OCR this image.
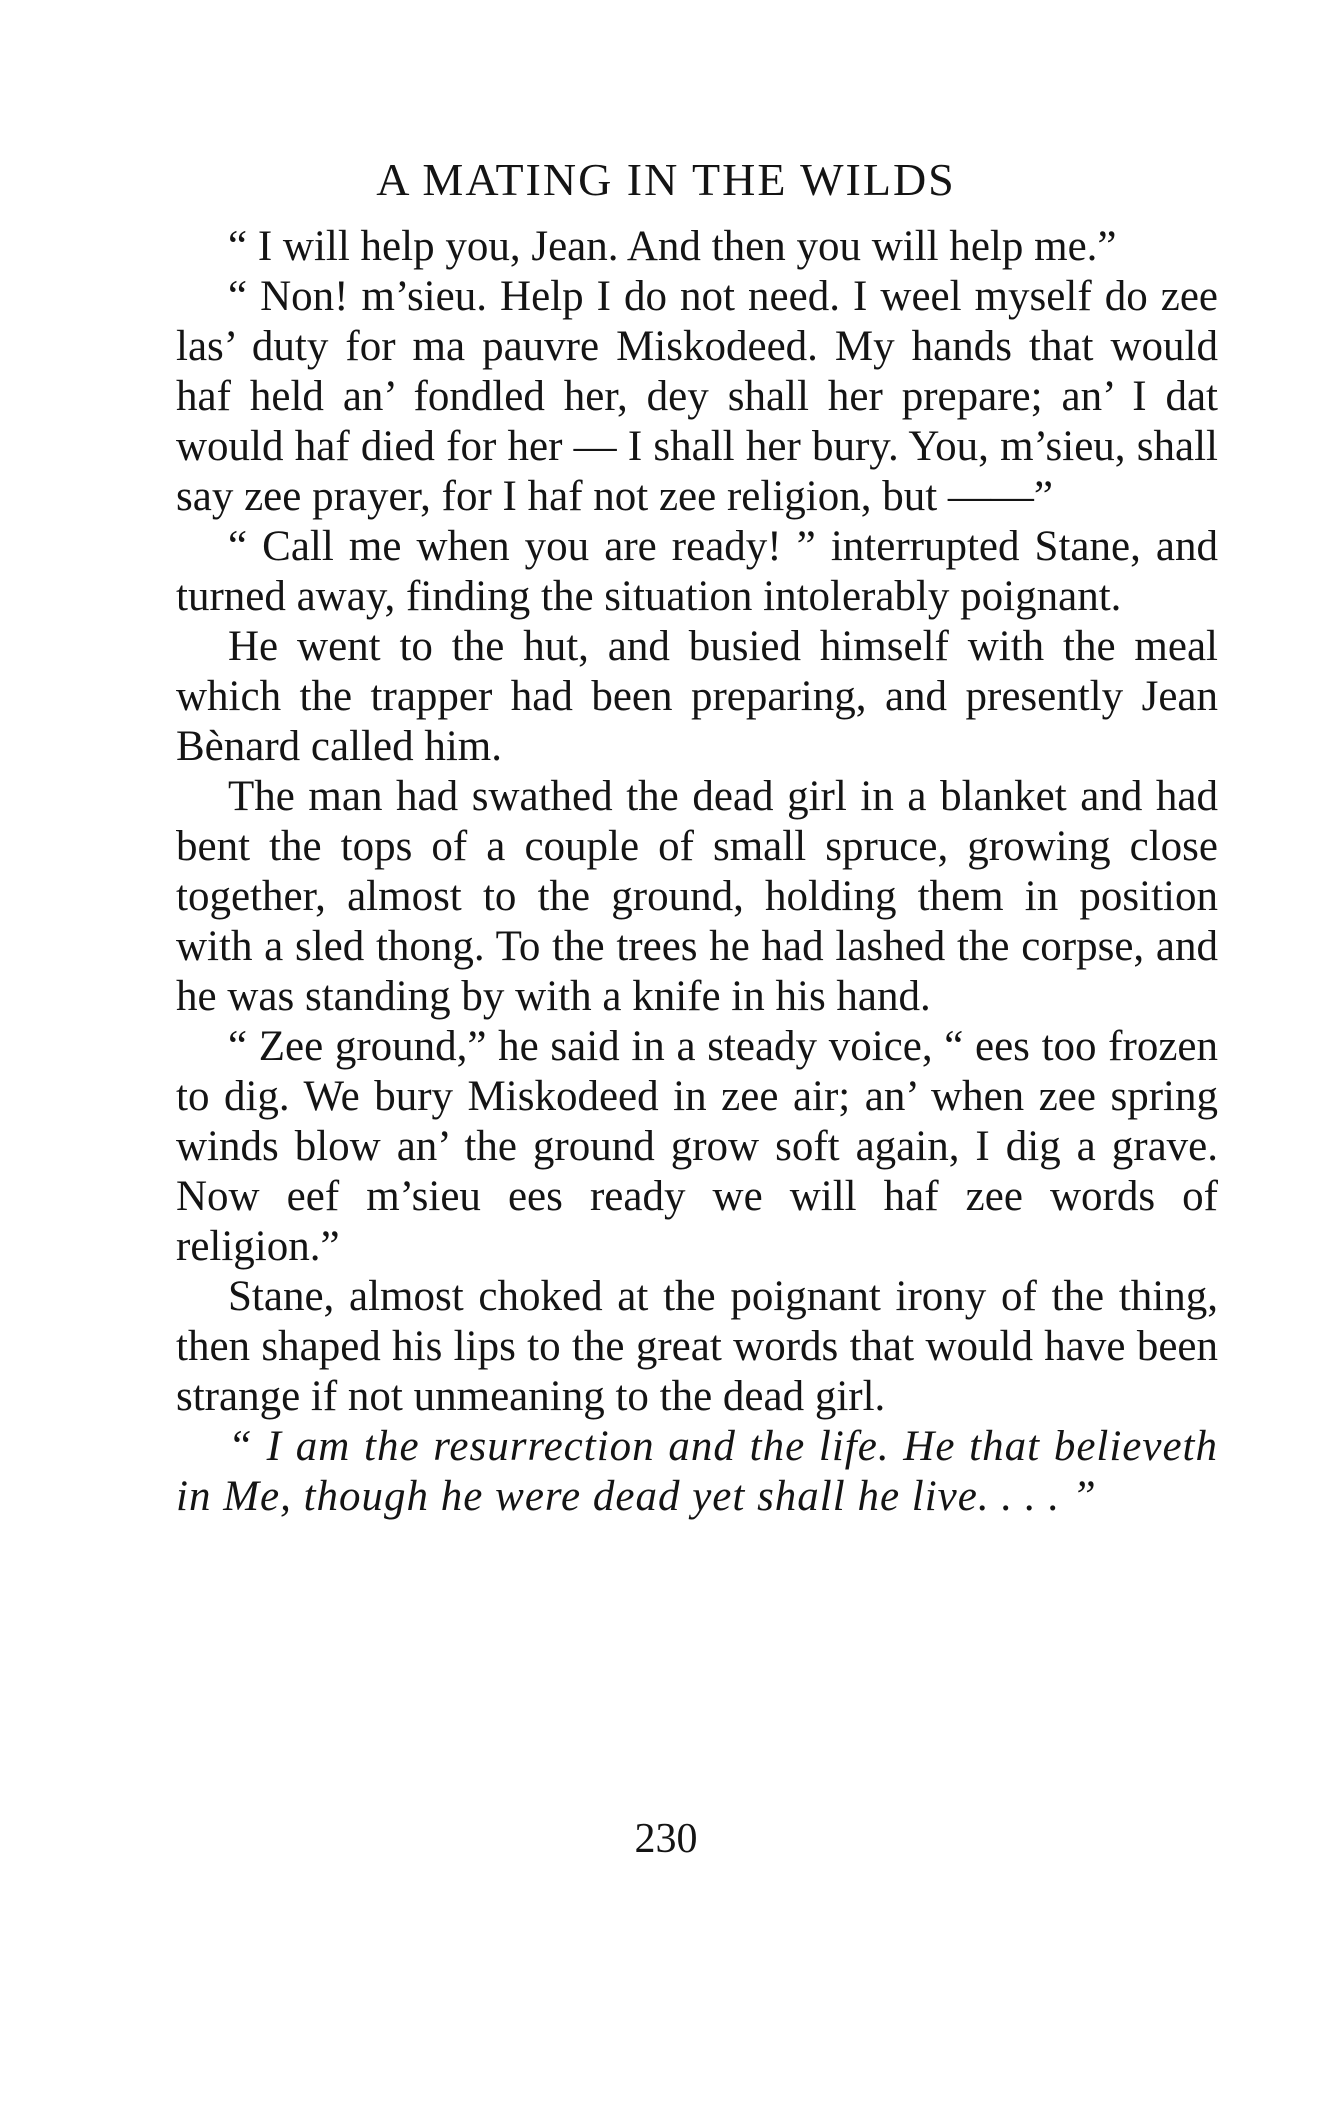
A MATING IN THE WILDS

“ I will help you, Jean. And then you will help me.”

“ Non! m’sieu. Help I do not need. I weel myself do zee las’ duty for ma pauvre Miskodeed. My hands that would haf held an’ fondled her, dey shall her prepare; an’ I dat would haf died for her — I shall her bury. You, m’sieu, shall say zee prayer, for I haf not zee religion, but ——”

“ Call me when you are ready! ” interrupted Stane, and turned away, finding the situation intolerably poignant.

He went to the hut, and busied himself with the meal which the trapper had been preparing, and presently Jean Bènard called him.

The man had swathed the dead girl in a blanket and had bent the tops of a couple of small spruce, growing close together, almost to the ground, holding them in position with a sled thong. To the trees he had lashed the corpse, and he was standing by with a knife in his hand.

“ Zee ground,” he said in a steady voice, “ ees too frozen to dig. We bury Miskodeed in zee air; an’ when zee spring winds blow an’ the ground grow soft again, I dig a grave. Now eef m’sieu ees ready we will haf zee words of religion.”

Stane, almost choked at the poignant irony of the thing, then shaped his lips to the great words that would have been strange if not unmeaning to the dead girl.

“ I am the resurrection and the life. He that believeth in Me, though he were dead yet shall he live. . . . ”

230
